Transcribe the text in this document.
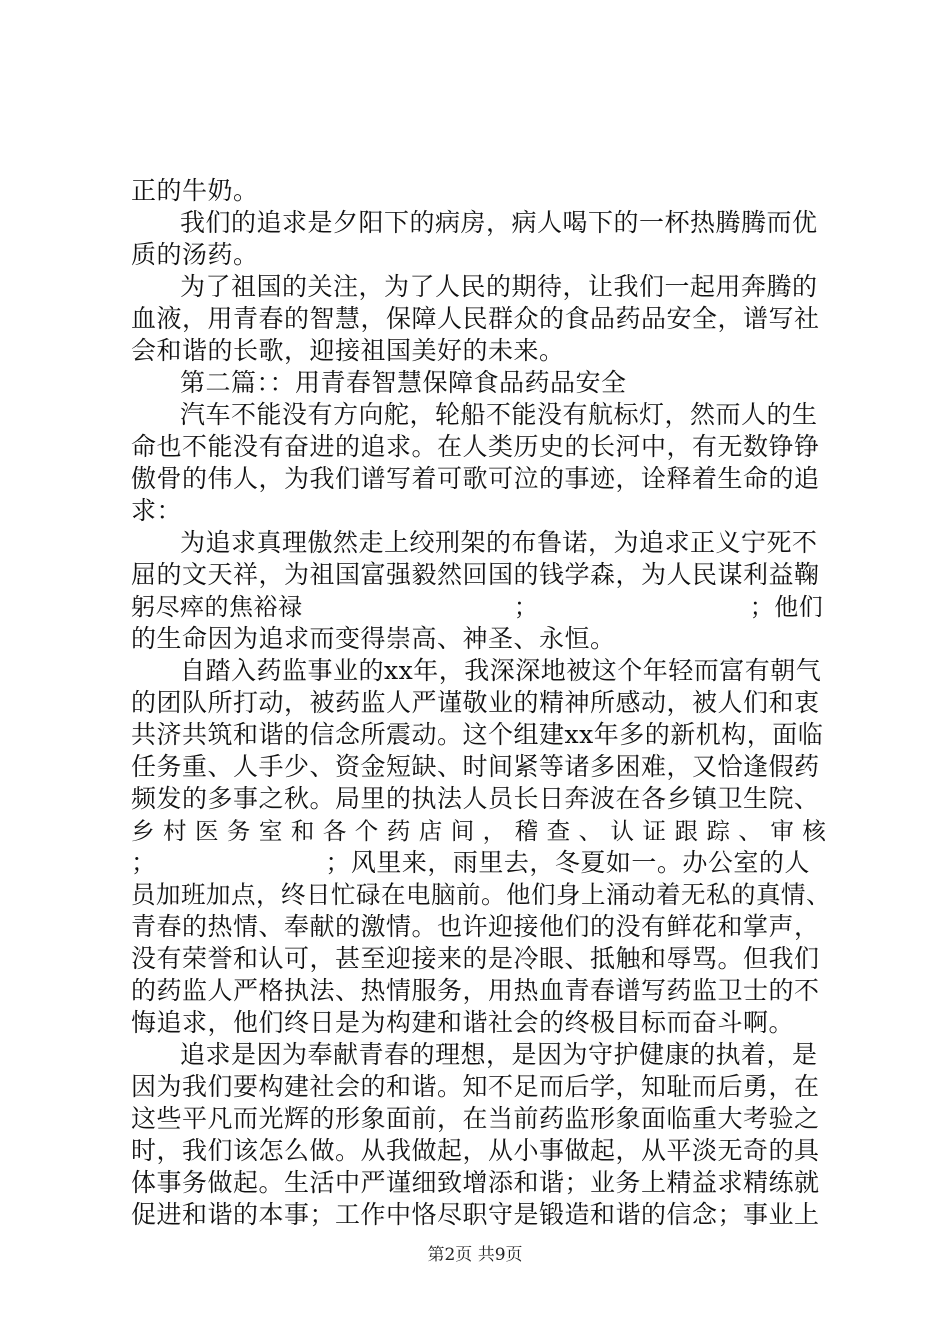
正的牛奶。
我们的追求是夕阳下的病房，病人喝下的一杯热腾腾而优
质的汤药。
为了祖国的关注，为了人民的期待，让我们一起用奔腾的
血液，用青春的智慧，保障人民群众的食品药品安全，谱写社
会和谐的长歌，迎接祖国美好的未来。
第二篇：：用青春智慧保障食品药品安全
汽车不能没有方向舵，轮船不能没有航标灯，然而人的生
命也不能没有奋进的追求。在人类历史的长河中，有无数铮铮
傲骨的伟人，为我们谱写着可歌可泣的事迹，诠释着生命的追
求：
为追求真理傲然走上绞刑架的布鲁诺，为追求正义宁死不
屈的文天祥，为祖国富强毅然回国的钱学森，为人民谋利益鞠
躬尽瘁的焦裕禄                          ；                          ；他们
的生命因为追求而变得崇高、神圣、永恒。
自踏入药监事业的xx年，我深深地被这个年轻而富有朝气
的团队所打动，被药监人严谨敬业的精神所感动，被人们和衷
共济共筑和谐的信念所震动。这个组建xx年多的新机构，面临
任务重、人手少、资金短缺、时间紧等诸多困难，又恰逢假药
频发的多事之秋。局里的执法人员长日奔波在各乡镇卫生院、
乡 村 医 务 室 和 各 个 药 店 间 ， 稽 查 、 认 证 跟 踪 、 审 核
；                    ；风里来，雨里去，冬夏如一。办公室的人
员加班加点，终日忙碌在电脑前。他们身上涌动着无私的真情、
青春的热情、奉献的激情。也许迎接他们的没有鲜花和掌声，
没有荣誉和认可，甚至迎接来的是冷眼、抵触和辱骂。但我们
的药监人严格执法、热情服务，用热血青春谱写药监卫士的不
悔追求，他们终日是为构建和谐社会的终极目标而奋斗啊。
追求是因为奉献青春的理想，是因为守护健康的执着，是
因为我们要构建社会的和谐。知不足而后学，知耻而后勇，在
这些平凡而光辉的形象面前，在当前药监形象面临重大考验之
时，我们该怎么做。从我做起，从小事做起，从平淡无奇的具
体事务做起。生活中严谨细致增添和谐；业务上精益求精练就
促进和谐的本事；工作中恪尽职守是锻造和谐的信念；事业上
第2页 共9页
